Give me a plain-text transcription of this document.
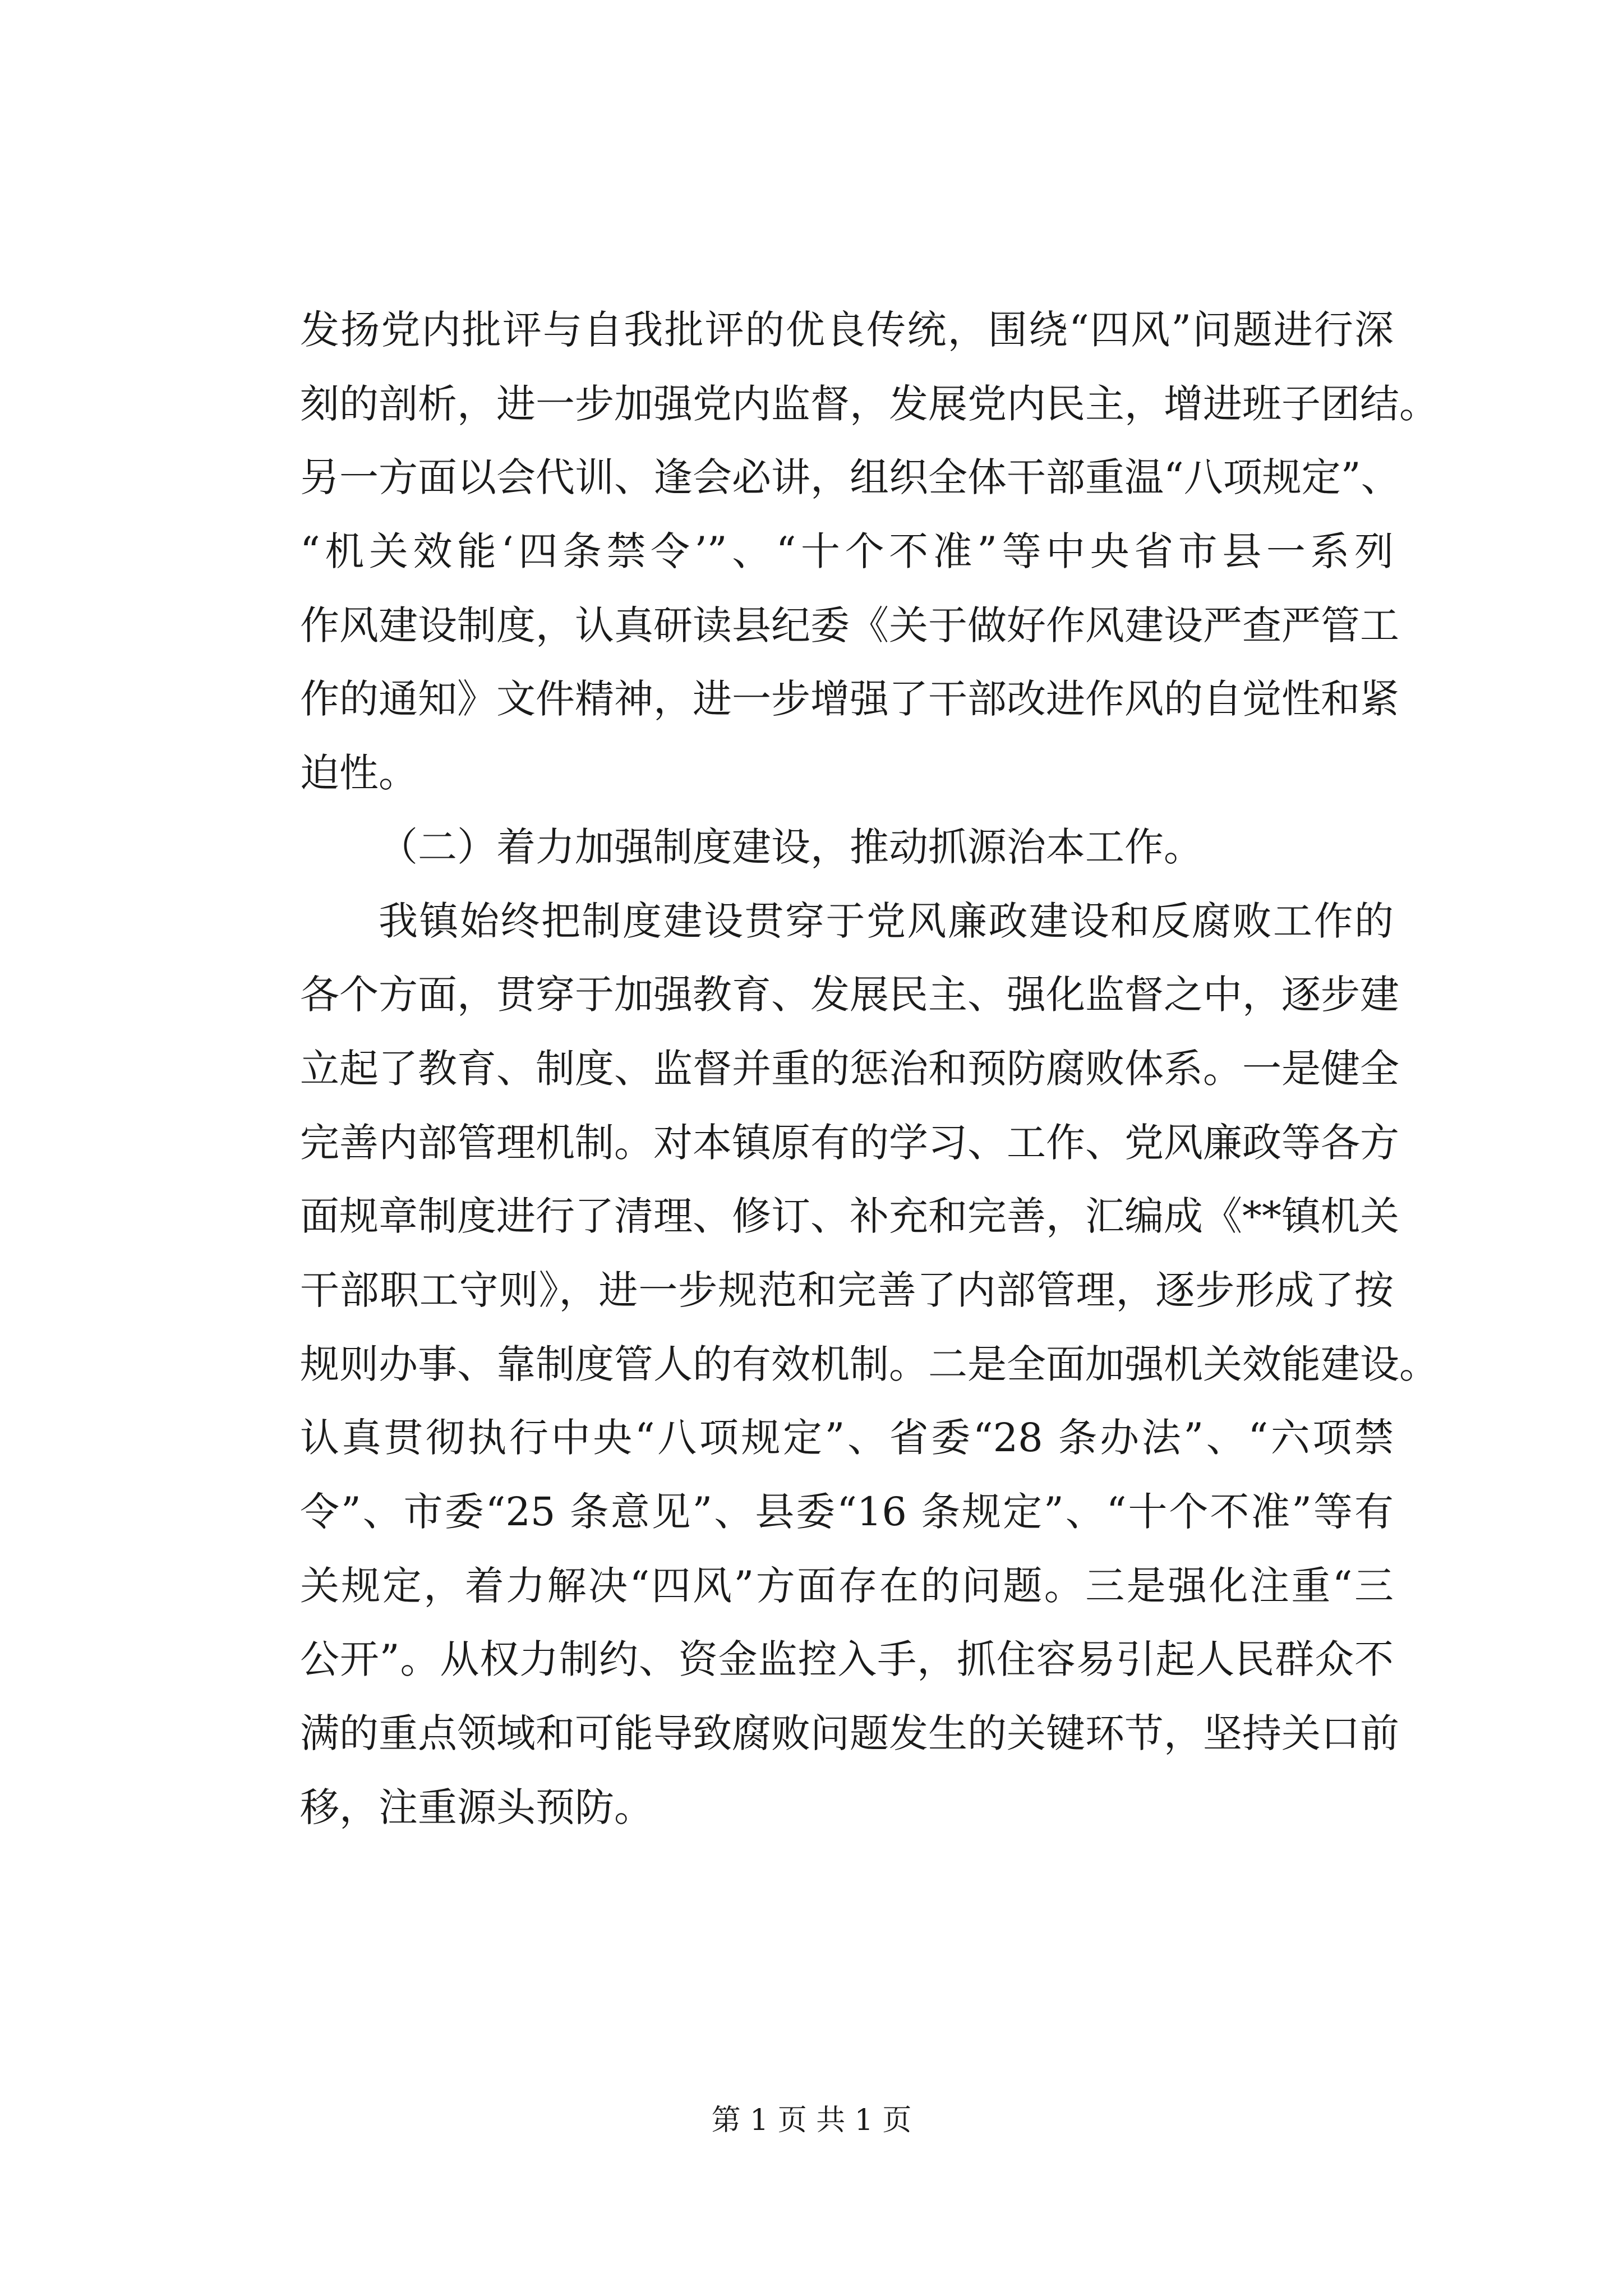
发扬党内批评与自我批评的优良传统，围绕“四风”问题进行深
刻的剖析，进一步加强党内监督，发展党内民主，增进班子团结。
另一方面以会代训、逢会必讲，组织全体干部重温“八项规定”、
“机关效能‘四条禁令’”、“十个不准”等中央省市县一系列
作风建设制度，认真研读县纪委《关于做好作风建设严查严管工
作的通知》文件精神，进一步增强了干部改进作风的自觉性和紧
迫性。
（二）着力加强制度建设，推动抓源治本工作。
我镇始终把制度建设贯穿于党风廉政建设和反腐败工作的
各个方面，贯穿于加强教育、发展民主、强化监督之中，逐步建
立起了教育、制度、监督并重的惩治和预防腐败体系。一是健全
完善内部管理机制。对本镇原有的学习、工作、党风廉政等各方
面规章制度进行了清理、修订、补充和完善，汇编成《**镇机关
干部职工守则》，进一步规范和完善了内部管理，逐步形成了按
规则办事、靠制度管人的有效机制。二是全面加强机关效能建设。
认真贯彻执行中央“八项规定”、省委“28 条办法”、“六项禁
令”、市委“25 条意见”、县委“16 条规定”、“十个不准”等有
关规定，着力解决“四风”方面存在的问题。三是强化注重“三
公开”。从权力制约、资金监控入手，抓住容易引起人民群众不
满的重点领域和可能导致腐败问题发生的关键环节，坚持关口前
移，注重源头预防。
第 1 页 共 1 页
